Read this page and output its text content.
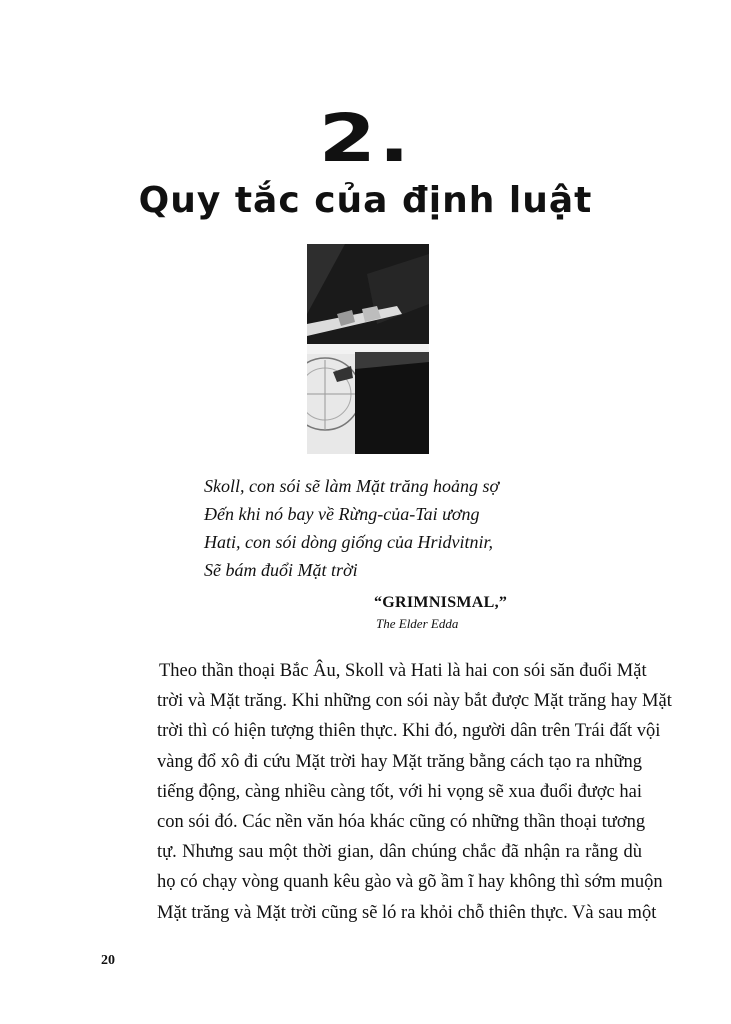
2.
Quy tắc của định luật
Skoll, con sói sẽ làm Mặt trăng hoảng sợ
Đến khi nó bay về Rừng-của-Tai ương
Hati, con sói dòng giống của Hridvitnir,
Sẽ bám đuổi Mặt trời
“GRIMNISMAL,”
The Elder Edda
Theo thần thoại Bắc Âu, Skoll và Hati là hai con sói săn đuổi Mặt
trời và Mặt trăng. Khi những con sói này bắt được Mặt trăng hay Mặt
trời thì có hiện tượng thiên thực. Khi đó, người dân trên Trái đất vội
vàng đổ xô đi cứu Mặt trời hay Mặt trăng bằng cách tạo ra những
tiếng động, càng nhiều càng tốt, với hi vọng sẽ xua đuổi được hai
con sói đó. Các nền văn hóa khác cũng có những thần thoại tương
tự. Nhưng sau một thời gian, dân chúng chắc đã nhận ra rằng dù
họ có chạy vòng quanh kêu gào và gõ ầm ĩ hay không thì sớm muộn
Mặt trăng và Mặt trời cũng sẽ ló ra khỏi chỗ thiên thực. Và sau một
20
